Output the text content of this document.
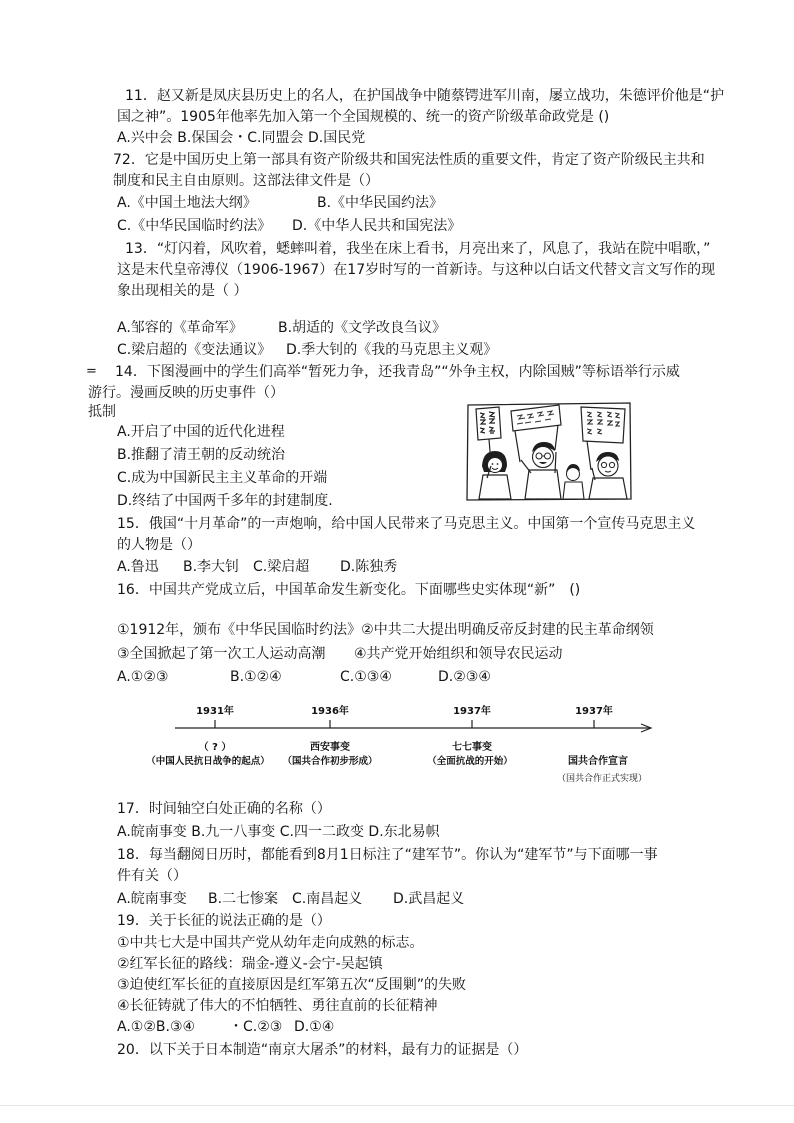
11．赵又新是凤庆县历史上的名人，在护国战争中随蔡锷进军川南，屡立战功，朱德评价他是“护
国之神”。1905年他率先加入第一个全国规模的、统一的资产阶级革命政党是 ()
A.兴中会 B.保国会・C.同盟会 D.国民党
72．它是中国历史上第一部具有资产阶级共和国宪法性质的重要文件，肯定了资产阶级民主共和
制度和民主自由原则。这部法律文件是（）
A.《中国土地法大纲》	B.《中华民国约法》
C.《中华民国临时约法》 D.《中华人民共和国宪法》
13．“灯闪着，风吹着，蟋蟀叫着，我坐在床上看书，月亮出来了，风息了，我站在院中唱歌，”
这是末代皇帝溥仪（1906-1967）在17岁时写的一首新诗。与这种以白话文代替文言文写作的现
象出现相关的是（ ）
A.邹容的《革命军》	B.胡适的《文学改良刍议》
C.梁启超的《变法通议》 D.季大钊的《我的马克思主义观》
= 14．下图漫画中的学生们高举“暂死力争，还我青岛”“外争主权，内除国贼”等标语举行示威
游行。漫画反映的历史事件（）
抵制
A.开启了中国的近代化进程
B.推翻了清王朝的反动统治
C.成为中国新民主主义革命的开端
D.终结了中国两千多年的封建制度.
15．俄国“十月革命”的一声炮响，给中国人民带来了马克思主义。中国第一个宣传马克思主义
的人物是（）
A.鲁迅 B.李大钊 C.梁启超 D.陈独秀
16．中国共产党成立后，中国革命发生新变化。下面哪些史实体现“新”　()
①1912年，颁布《中华民国临时约法》②中共二大提出明确反帝反封建的民主革命纲领
③全国掀起了第一次工人运动高潮 ④共产党开始组织和领导农民运动
A.①②③	B.①②④	C.①③④	D.②③④
1931年	1936年	1937年	1937年
（ ? ）	西安事变	七七事变
国共合作宣言
（中国人民抗日战争的起点） （国共合作初步形成）	（全面抗战的开始）
（国共合作正式实现）
17．时间轴空白处正确的名称（）
A.皖南事变 B.九一八事变 C.四一二政变 D.东北易帜
18．每当翻阅日历时，都能看到8月1日标注了“建军节”。你认为“建军节”与下面哪一事
件有关（）
A.皖南事变 B.二七惨案 C.南昌起义 D.武昌起义
19．关于长征的说法正确的是（）
①中共七大是中国共产党从幼年走向成熟的标志。
②红军长征的路线：瑞金-遵义-会宁-吴起镇
③迫使红军长征的直接原因是红军第五次“反围剿”的失败
④长征铸就了伟大的不怕牺牲、勇往直前的长征精神
A.①②B.③④ ・C.②③ D.①④
20．以下关于日本制造“南京大屠杀”的材料，最有力的证据是（）
